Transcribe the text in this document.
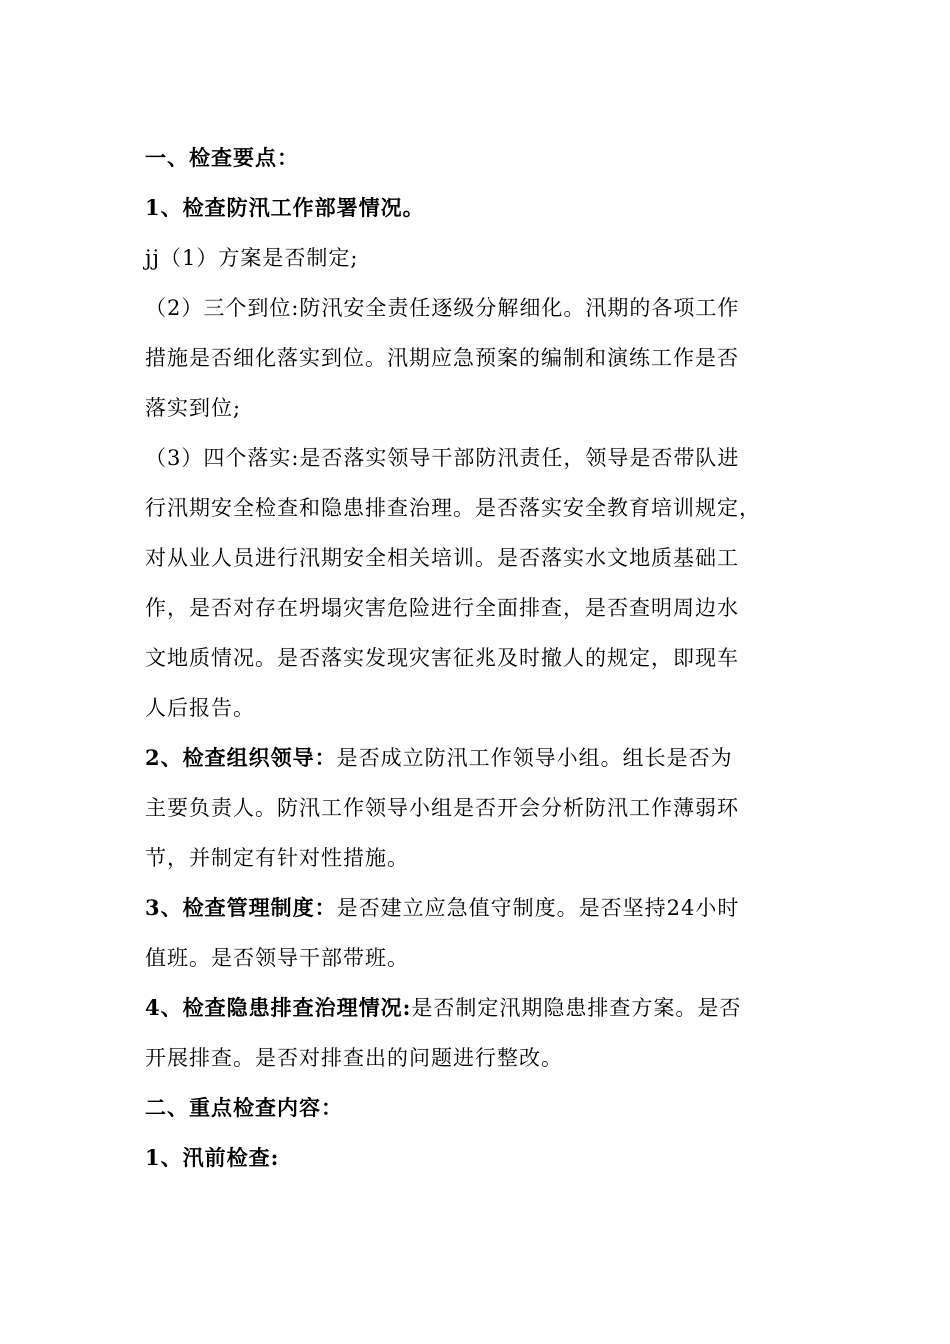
一、检查要点：
1、检查防汛工作部署情况。
jj（1）方案是否制定;
（2）三个到位:防汛安全责任逐级分解细化。汛期的各项工作
措施是否细化落实到位。汛期应急预案的编制和演练工作是否
落实到位;
（3）四个落实:是否落实领导干部防汛责任，领导是否带队进
行汛期安全检查和隐患排查治理。是否落实安全教育培训规定，
对从业人员进行汛期安全相关培训。是否落实水文地质基础工
作，是否对存在坍塌灾害危险进行全面排查，是否查明周边水
文地质情况。是否落实发现灾害征兆及时撤人的规定，即现车
人后报告。
2、检查组织领导：是否成立防汛工作领导小组。组长是否为
主要负责人。防汛工作领导小组是否开会分析防汛工作薄弱环
节，并制定有针对性措施。
3、检查管理制度：是否建立应急值守制度。是否坚持24小时
值班。是否领导干部带班。
4、检查隐患排查治理情况:是否制定汛期隐患排查方案。是否
开展排查。是否对排查出的问题进行整改。
二、重点检查内容：
1、汛前检查:
